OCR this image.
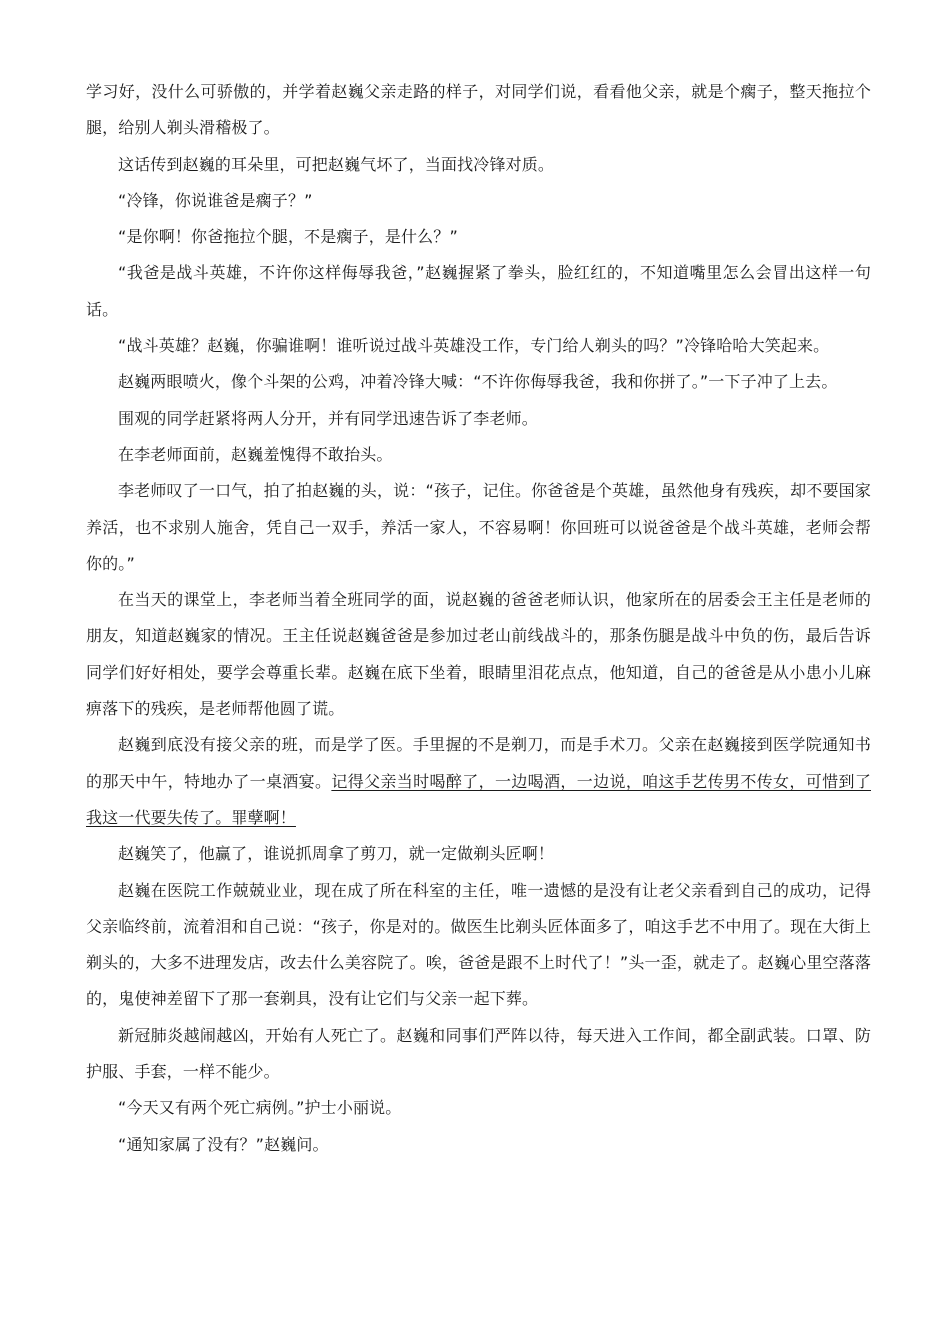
学习好，没什么可骄傲的，并学着赵巍父亲走路的样子，对同学们说，看看他父亲，就是个瘸子，整天拖拉个腿，给别人剃头滑稽极了。

这话传到赵巍的耳朵里，可把赵巍气坏了，当面找冷锋对质。

“冷锋，你说谁爸是瘸子？”

“是你啊！你爸拖拉个腿，不是瘸子，是什么？”

“我爸是战斗英雄，不许你这样侮辱我爸，”赵巍握紧了拳头，脸红红的，不知道嘴里怎么会冒出这样一句话。

“战斗英雄？赵巍，你骗谁啊！谁听说过战斗英雄没工作，专门给人剃头的吗？”冷锋哈哈大笑起来。

赵巍两眼喷火，像个斗架的公鸡，冲着冷锋大喊：“不许你侮辱我爸，我和你拼了。”一下子冲了上去。

围观的同学赶紧将两人分开，并有同学迅速告诉了李老师。

在李老师面前，赵巍羞愧得不敢抬头。

李老师叹了一口气，拍了拍赵巍的头，说：“孩子，记住。你爸爸是个英雄，虽然他身有残疾，却不要国家养活，也不求别人施舍，凭自己一双手，养活一家人，不容易啊！你回班可以说爸爸是个战斗英雄，老师会帮你的。”

在当天的课堂上，李老师当着全班同学的面，说赵巍的爸爸老师认识，他家所在的居委会王主任是老师的朋友，知道赵巍家的情况。王主任说赵巍爸爸是参加过老山前线战斗的，那条伤腿是战斗中负的伤，最后告诉同学们好好相处，要学会尊重长辈。赵巍在底下坐着，眼睛里泪花点点，他知道，自己的爸爸是从小患小儿麻痹落下的残疾，是老师帮他圆了谎。

赵巍到底没有接父亲的班，而是学了医。手里握的不是剃刀，而是手术刀。父亲在赵巍接到医学院通知书的那天中午，特地办了一桌酒宴。记得父亲当时喝醉了，一边喝酒，一边说，咱这手艺传男不传女，可惜到了我这一代要失传了。罪孽啊！

赵巍笑了，他赢了，谁说抓周拿了剪刀，就一定做剃头匠啊！

赵巍在医院工作兢兢业业，现在成了所在科室的主任，唯一遗憾的是没有让老父亲看到自己的成功，记得父亲临终前，流着泪和自己说：“孩子，你是对的。做医生比剃头匠体面多了，咱这手艺不中用了。现在大街上剃头的，大多不进理发店，改去什么美容院了。唉，爸爸是跟不上时代了！”头一歪，就走了。赵巍心里空落落的，鬼使神差留下了那一套剃具，没有让它们与父亲一起下葬。

新冠肺炎越闹越凶，开始有人死亡了。赵巍和同事们严阵以待，每天进入工作间，都全副武装。口罩、防护服、手套，一样不能少。

“今天又有两个死亡病例。”护士小丽说。

“通知家属了没有？”赵巍问。
